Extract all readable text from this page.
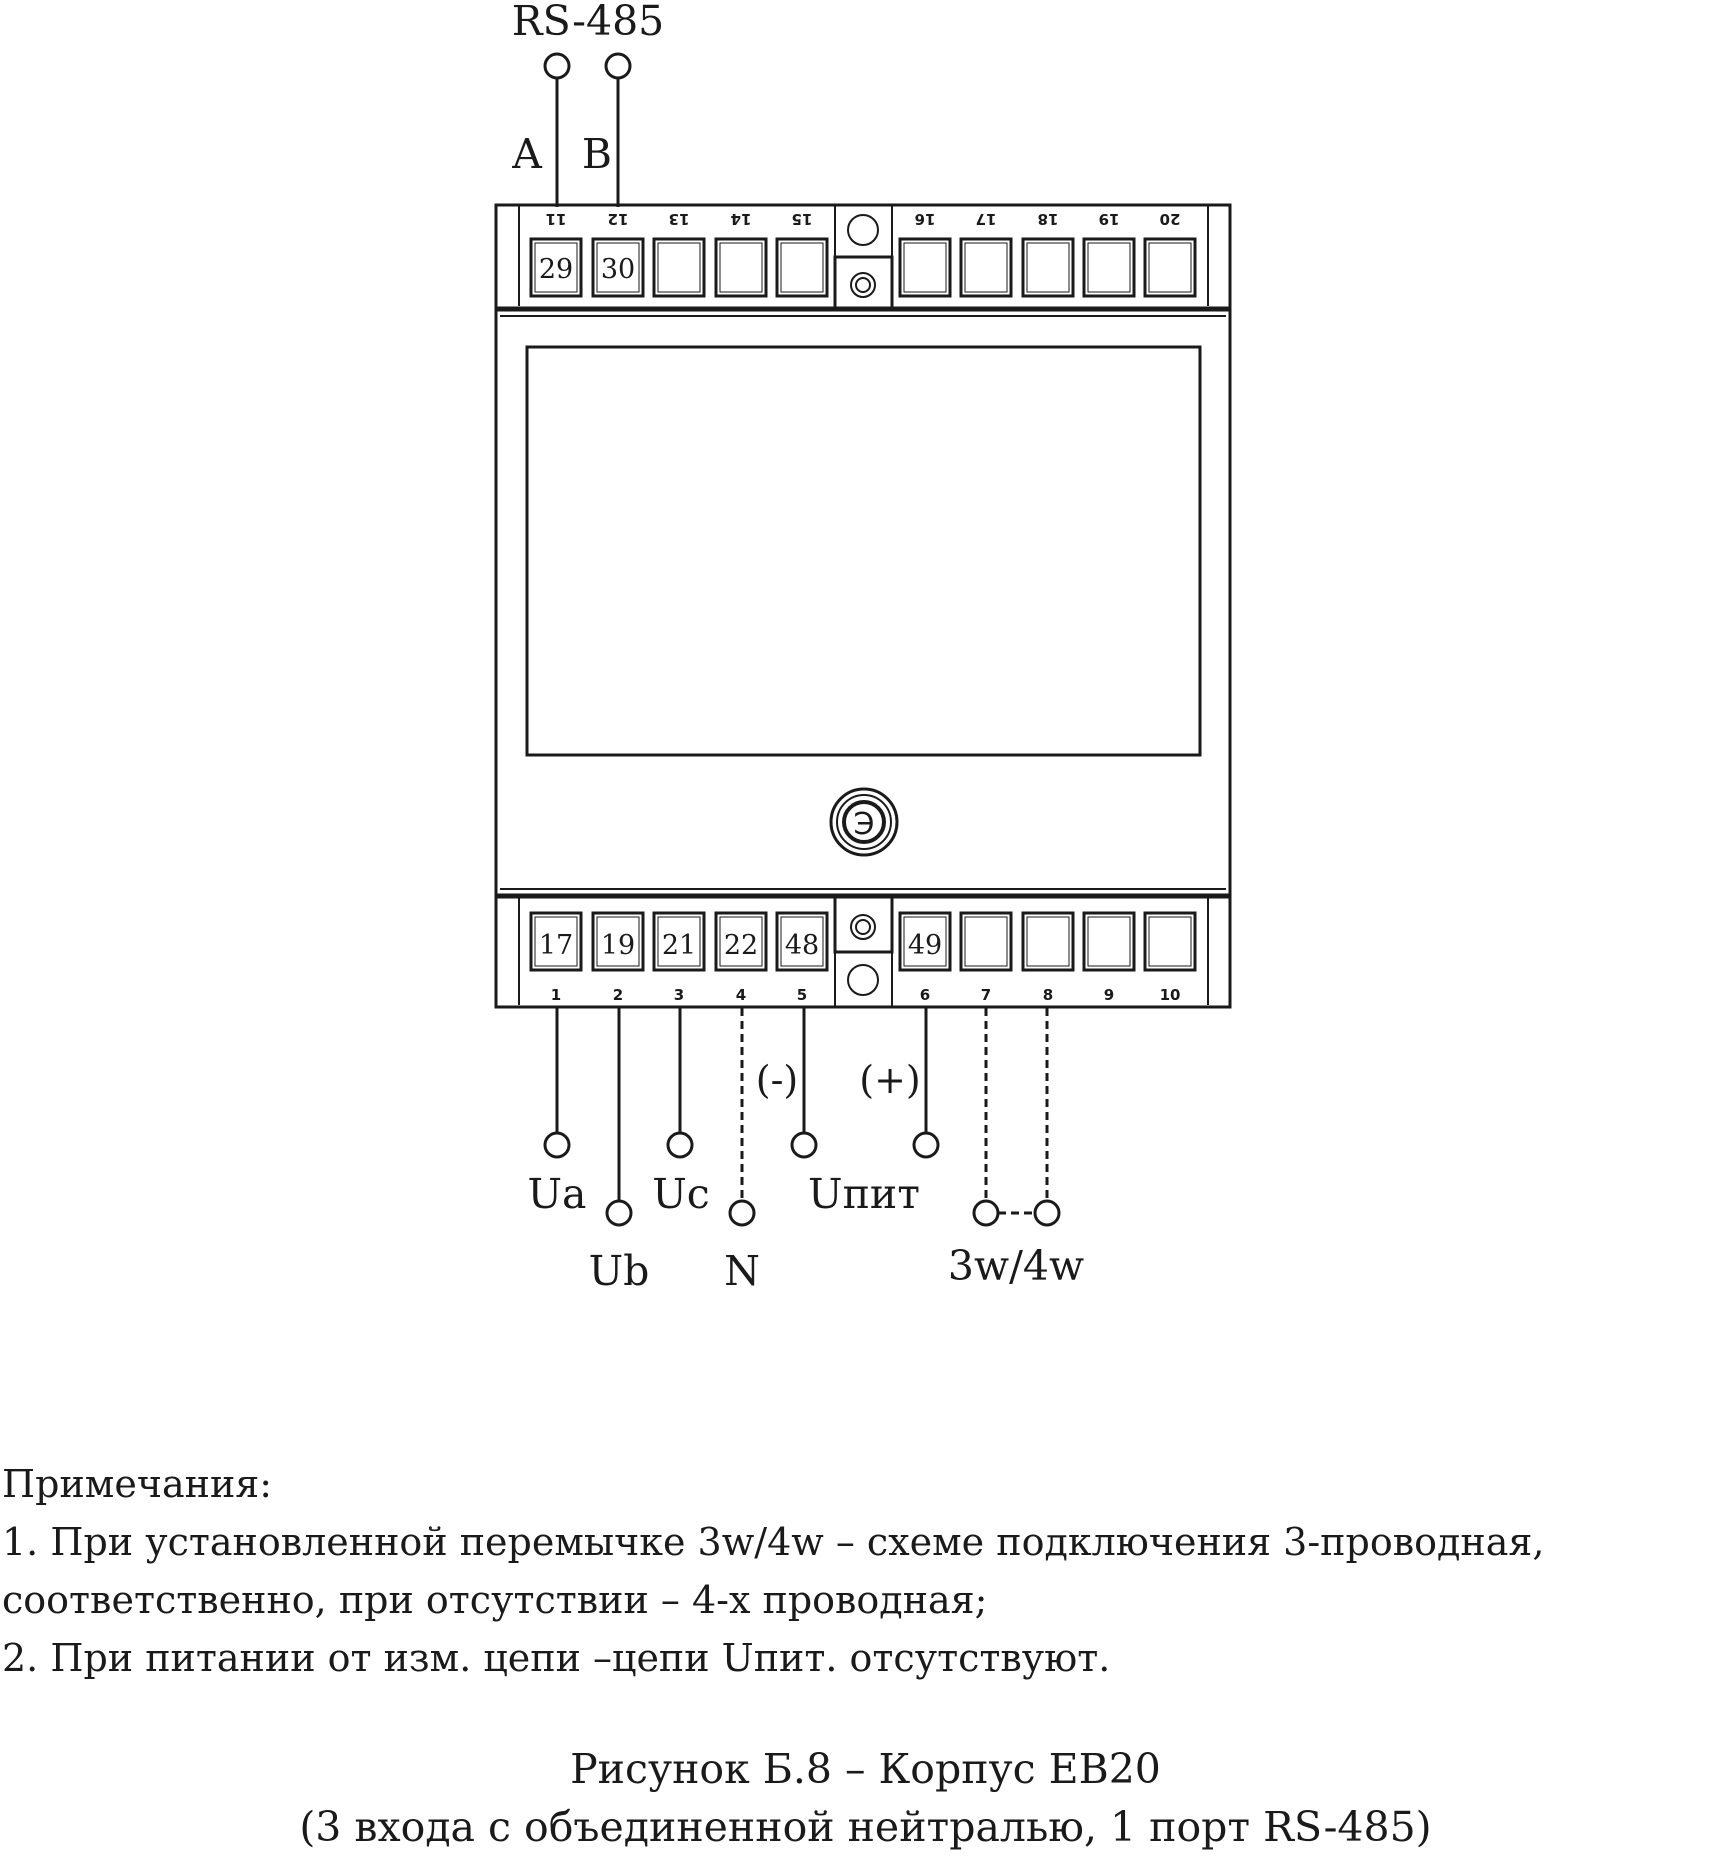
RS-485
A B
Э
29
11
30
12	13	14	15	16	17	18	19	20
17
1
19
2
21
3
22
4
48
5
49
6	7	8	9	10
Ua
Ub
Uc
N
(-) (+)
Uпит
3w/4w
Примечания:
1. При установленной перемычке 3w/4w – схеме подключения 3-проводная,
соответственно, при отсутствии – 4-х проводная;
2. При питании от изм. цепи –цепи Uпит. отсутствуют.
Рисунок Б.8 – Корпус ЕВ20
(3 входа с объединенной нейтралью, 1 порт RS-485)
